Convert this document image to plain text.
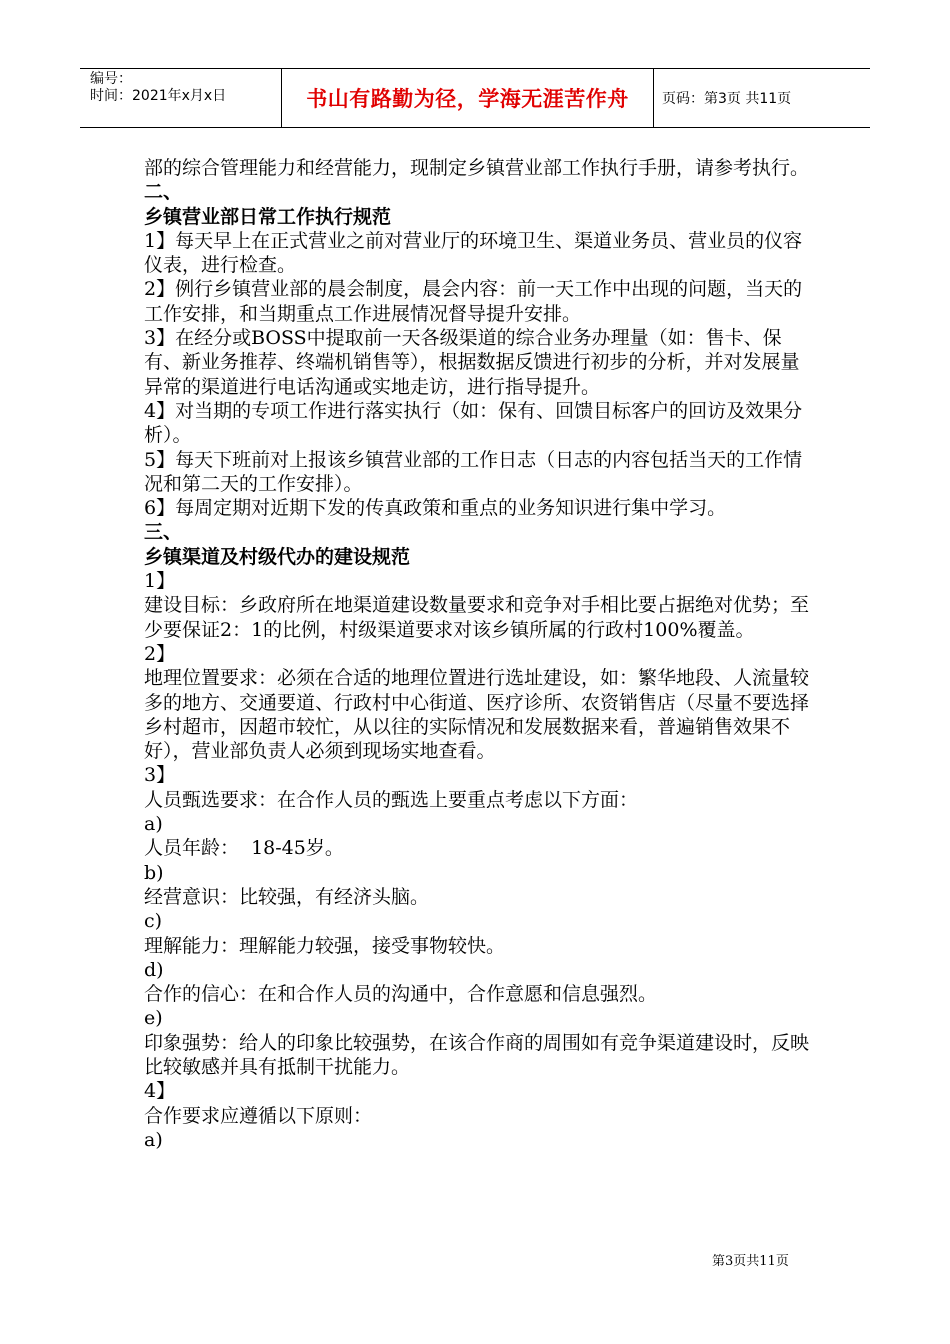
编号：
时间：2021年x月x日	书山有路勤为径，学海无涯苦作舟	页码：第3页 共11页

部的综合管理能力和经营能力，现制定乡镇营业部工作执行手册，请参考执行。

二、

乡镇营业部日常工作执行规范

1】每天早上在正式营业之前对营业厅的环境卫生、渠道业务员、营业员的仪容仪表，进行检查。

2】例行乡镇营业部的晨会制度，晨会内容：前一天工作中出现的问题，当天的工作安排，和当期重点工作进展情况督导提升安排。

3】在经分或BOSS中提取前一天各级渠道的综合业务办理量（如：售卡、保有、新业务推荐、终端机销售等），根据数据反馈进行初步的分析，并对发展量异常的渠道进行电话沟通或实地走访，进行指导提升。

4】对当期的专项工作进行落实执行（如：保有、回馈目标客户的回访及效果分析）。

5】每天下班前对上报该乡镇营业部的工作日志（日志的内容包括当天的工作情况和第二天的工作安排）。

6】每周定期对近期下发的传真政策和重点的业务知识进行集中学习。

三、

乡镇渠道及村级代办的建设规范

1】

建设目标：乡政府所在地渠道建设数量要求和竞争对手相比要占据绝对优势；至少要保证2：1的比例，村级渠道要求对该乡镇所属的行政村100%覆盖。

2】

地理位置要求：必须在合适的地理位置进行选址建设，如：繁华地段、人流量较多的地方、交通要道、行政村中心街道、医疗诊所、农资销售店（尽量不要选择乡村超市，因超市较忙，从以往的实际情况和发展数据来看，普遍销售效果不好），营业部负责人必须到现场实地查看。

3】

人员甄选要求：在合作人员的甄选上要重点考虑以下方面：

a)

人员年龄：  18-45岁。

b)

经营意识：比较强，有经济头脑。

c)

理解能力：理解能力较强，接受事物较快。

d)

合作的信心：在和合作人员的沟通中，合作意愿和信息强烈。

e)

印象强势：给人的印象比较强势，在该合作商的周围如有竞争渠道建设时，反映比较敏感并具有抵制干扰能力。

4】

合作要求应遵循以下原则：

a)

第3页共11页
